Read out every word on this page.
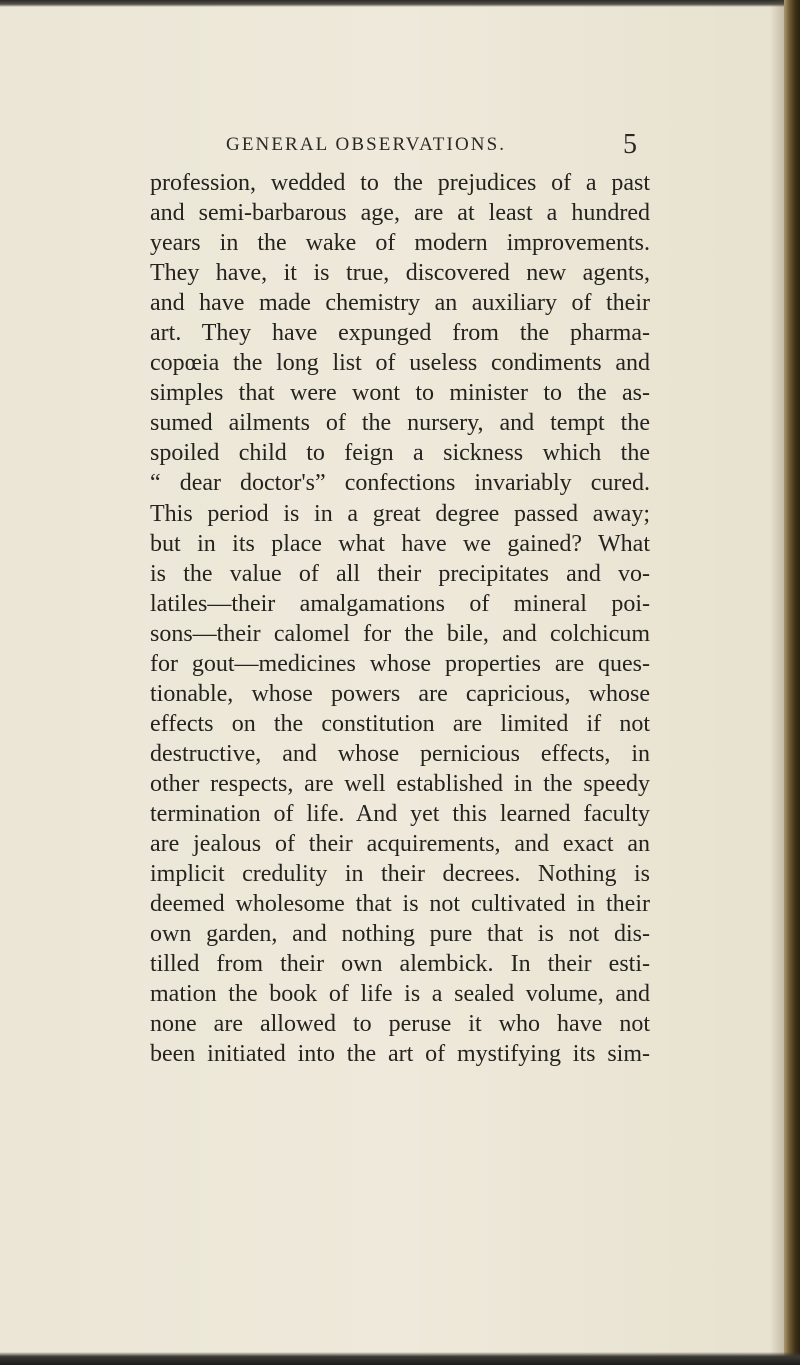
GENERAL OBSERVATIONS.	5
profession, wedded to the prejudices of a past
and semi-barbarous age, are at least a hundred
years in the wake of modern improvements.
They have, it is true, discovered new agents,
and have made chemistry an auxiliary of their
art. They have expunged from the pharma-
copœia the long list of useless condiments and
simples that were wont to minister to the as-
sumed ailments of the nursery, and tempt the
spoiled child to feign a sickness which the
“ dear doctor's” confections invariably cured.
This period is in a great degree passed away;
but in its place what have we gained? What
is the value of all their precipitates and vo-
latiles—their amalgamations of mineral poi-
sons—their calomel for the bile, and colchicum
for gout—medicines whose properties are ques-
tionable, whose powers are capricious, whose
effects on the constitution are limited if not
destructive, and whose pernicious effects, in
other respects, are well established in the speedy
termination of life. And yet this learned faculty
are jealous of their acquirements, and exact an
implicit credulity in their decrees. Nothing is
deemed wholesome that is not cultivated in their
own garden, and nothing pure that is not dis-
tilled from their own alembick. In their esti-
mation the book of life is a sealed volume, and
none are allowed to peruse it who have not
been initiated into the art of mystifying its sim-
